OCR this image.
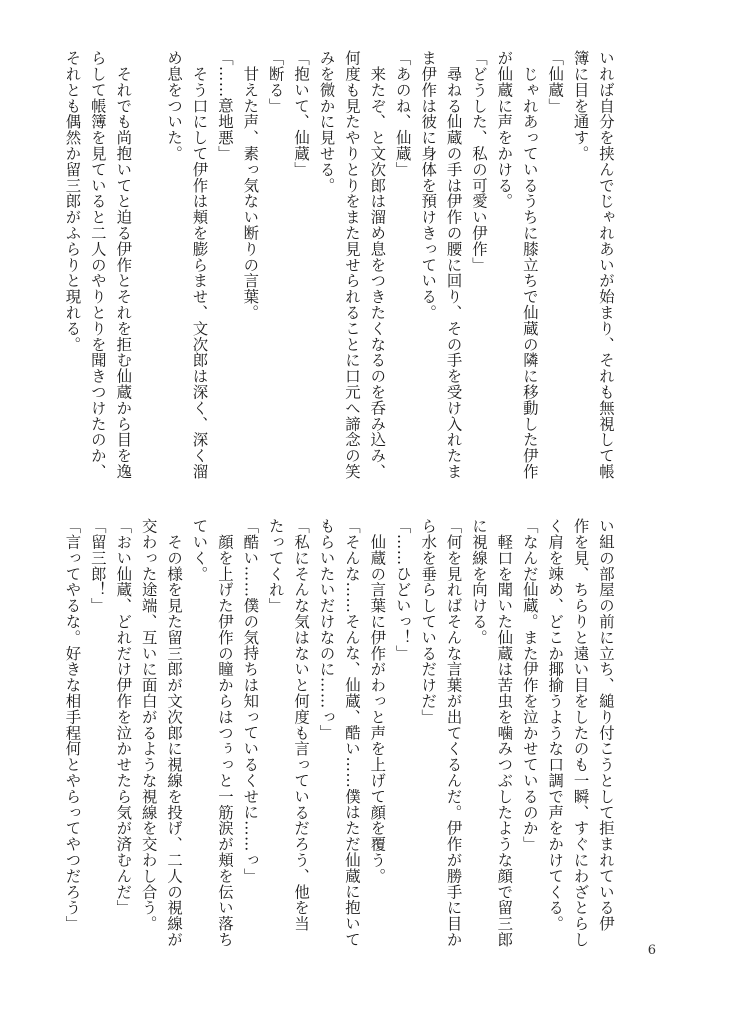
いれば自分を挟んでじゃれあいが始まり、それも無視して帳
簿に目を通す。
「仙蔵」
　じゃれあっているうちに膝立ちで仙蔵の隣に移動した伊作
が仙蔵に声をかける。
「どうした、私の可愛い伊作」
　尋ねる仙蔵の手は伊作の腰に回り、その手を受け入れたま
ま伊作は彼に身体を預けきっている。
「あのね、仙蔵」
　来たぞ、と文次郎は溜め息をつきたくなるのを呑み込み、
何度も見たやりとりをまた見せられることに口元へ諦念の笑
みを微かに見せる。
「抱いて、仙蔵」
「断る」
　甘えた声、素っ気ない断りの言葉。
「……意地悪」
　そう口にして伊作は頬を膨らませ、文次郎は深く、深く溜
め息をついた。

　それでも尚抱いてと迫る伊作とそれを拒む仙蔵から目を逸
らして帳簿を見ていると二人のやりとりを聞きつけたのか、
それとも偶然か留三郎がふらりと現れる。
い組の部屋の前に立ち、縋り付こうとして拒まれている伊
作を見、ちらりと遠い目をしたのも一瞬、すぐにわざとらし
く肩を竦め、どこか揶揄うような口調で声をかけてくる。
「なんだ仙蔵。また伊作を泣かせているのか」
　軽口を聞いた仙蔵は苦虫を噛みつぶしたような顔で留三郎
に視線を向ける。
「何を見ればそんな言葉が出てくるんだ。伊作が勝手に目か
ら水を垂らしているだけだ」
「……ひどいっ！」
　仙蔵の言葉に伊作がわっと声を上げて顔を覆う。
「そんな……そんな、仙蔵、酷い……僕はただ仙蔵に抱いて
もらいたいだけなのに……っ」
「私にそんな気はないと何度も言っているだろう、他を当
たってくれ」
「酷い……僕の気持ちは知っているくせに……っ」
　顔を上げた伊作の瞳からはつぅっと一筋涙が頬を伝い落ち
ていく。
　その様を見た留三郎が文次郎に視線を投げ、二人の視線が
交わった途端、互いに面白がるような視線を交わし合う。
「おい仙蔵、どれだけ伊作を泣かせたら気が済むんだ」
「留三郎！」
「言ってやるな。好きな相手程何とやらってやつだろう」
6
